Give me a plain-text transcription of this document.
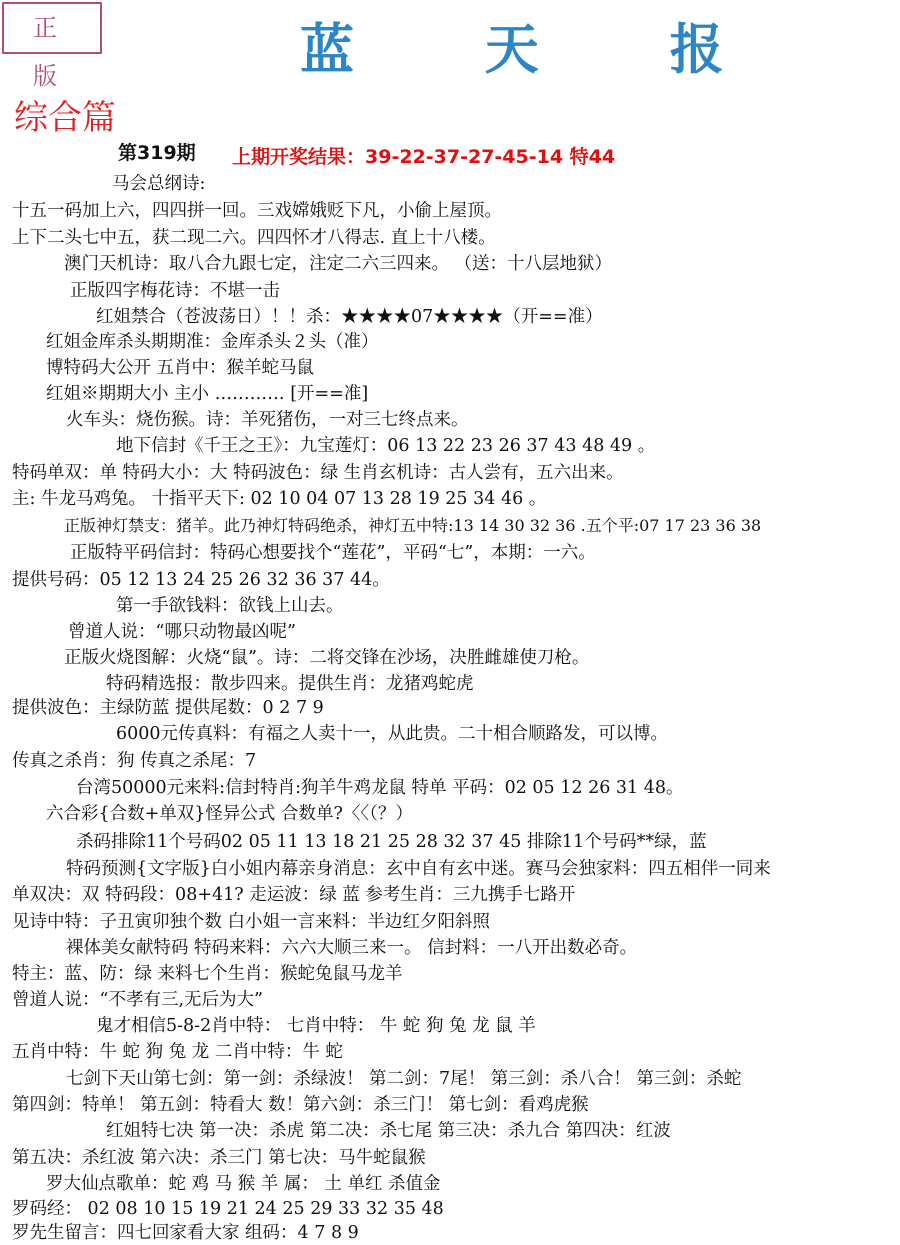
正 版	蓝 天 报
综合篇
第319期 上期开奖结果：39-22-37-27-45-14 特44
马会总纲诗:
十五一码加上六，四四拼一回。三戏嫦娥贬下凡，小偷上屋顶。
上下二头七中五，获二现二六。四四怀才八得志. 直上十八楼。
澳门天机诗：取八合九跟七定，注定二六三四来。 （送：十八层地狱）
正版四字梅花诗：不堪一击
红姐禁合（苍波荡日）！！杀：★★★★07★★★★（开==准）
红姐金库杀头期期准：金库杀头２头（准）
博特码大公开 五肖中：猴羊蛇马鼠
红姐※期期大小 主小 ………… [开==准]
火车头：烧伤猴。诗：羊死猪伤，一对三七终点来。
地下信封《千王之王》：九宝莲灯：06 13 22 23 26 37 43 48 49 。
特码单双：单 特码大小：大 特码波色：绿 生肖玄机诗：古人尝有，五六出来。
主: 牛龙马鸡兔。 十指平天下: 02 10 04 07 13 28 19 25 34 46 。
正版神灯禁支：猪羊。此乃神灯特码绝杀，神灯五中特:13 14 30 32 36 .五个平:07 17 23 36 38
正版特平码信封：特码心想要找个“莲花”，平码“七”，本期：一六。
提供号码：05 12 13 24 25 26 32 36 37 44。
第一手欲钱料：欲钱上山去。
曾道人说：“哪只动物最凶呢”
正版火烧图解：火烧“鼠”。诗：二将交锋在沙场，决胜雌雄使刀枪。
特码精选报：散步四来。提供生肖：龙猪鸡蛇虎
提供波色：主绿防蓝 提供尾数：0 2 7 9
6000元传真料：有福之人卖十一，从此贵。二十相合顺路发，可以博。
传真之杀肖：狗 传真之杀尾：7
台湾50000元来料:信封特肖:狗羊牛鸡龙鼠 特单 平码：02 05 12 26 31 48。
六合彩{合数+单双}怪异公式 合数单?〈〈（？）
杀码排除11个号码02 05 11 13 18 21 25 28 32 37 45 排除11个号码**绿，蓝
特码预测{文字版}白小姐内幕亲身消息：玄中自有玄中迷。赛马会独家料：四五相伴一同来
单双决：双 特码段：08+41? 走运波：绿 蓝 参考生肖：三九携手七路开
见诗中特：子丑寅卯独个数 白小姐一言来料：半边红夕阳斜照
裸体美女献特码 特码来料：六六大顺三来一。 信封料：一八开出数必奇。
特主：蓝、防：绿 来料七个生肖：猴蛇兔鼠马龙羊
曾道人说：“不孝有三,无后为大”
鬼才相信5-8-2肖中特： 七肖中特： 牛 蛇 狗 兔 龙 鼠 羊
五肖中特：牛 蛇 狗 兔 龙 二肖中特：牛 蛇
七剑下天山第七剑：第一剑：杀绿波！ 第二剑：7尾！ 第三剑：杀八合！ 第三剑：杀蛇
第四剑：特单！ 第五剑：特看大 数！第六剑：杀三门！ 第七剑：看鸡虎猴
红姐特七决 第一决：杀虎 第二决：杀七尾 第三决：杀九合 第四决：红波
第五决：杀红波 第六决：杀三门 第七决：马牛蛇鼠猴
罗大仙点歌单：蛇 鸡 马 猴 羊 属： 土 单红 杀值金
罗码经： 02 08 10 15 19 21 24 25 29 33 32 35 48
罗先生留言：四七回家看大家 组码：4 7 8 9
